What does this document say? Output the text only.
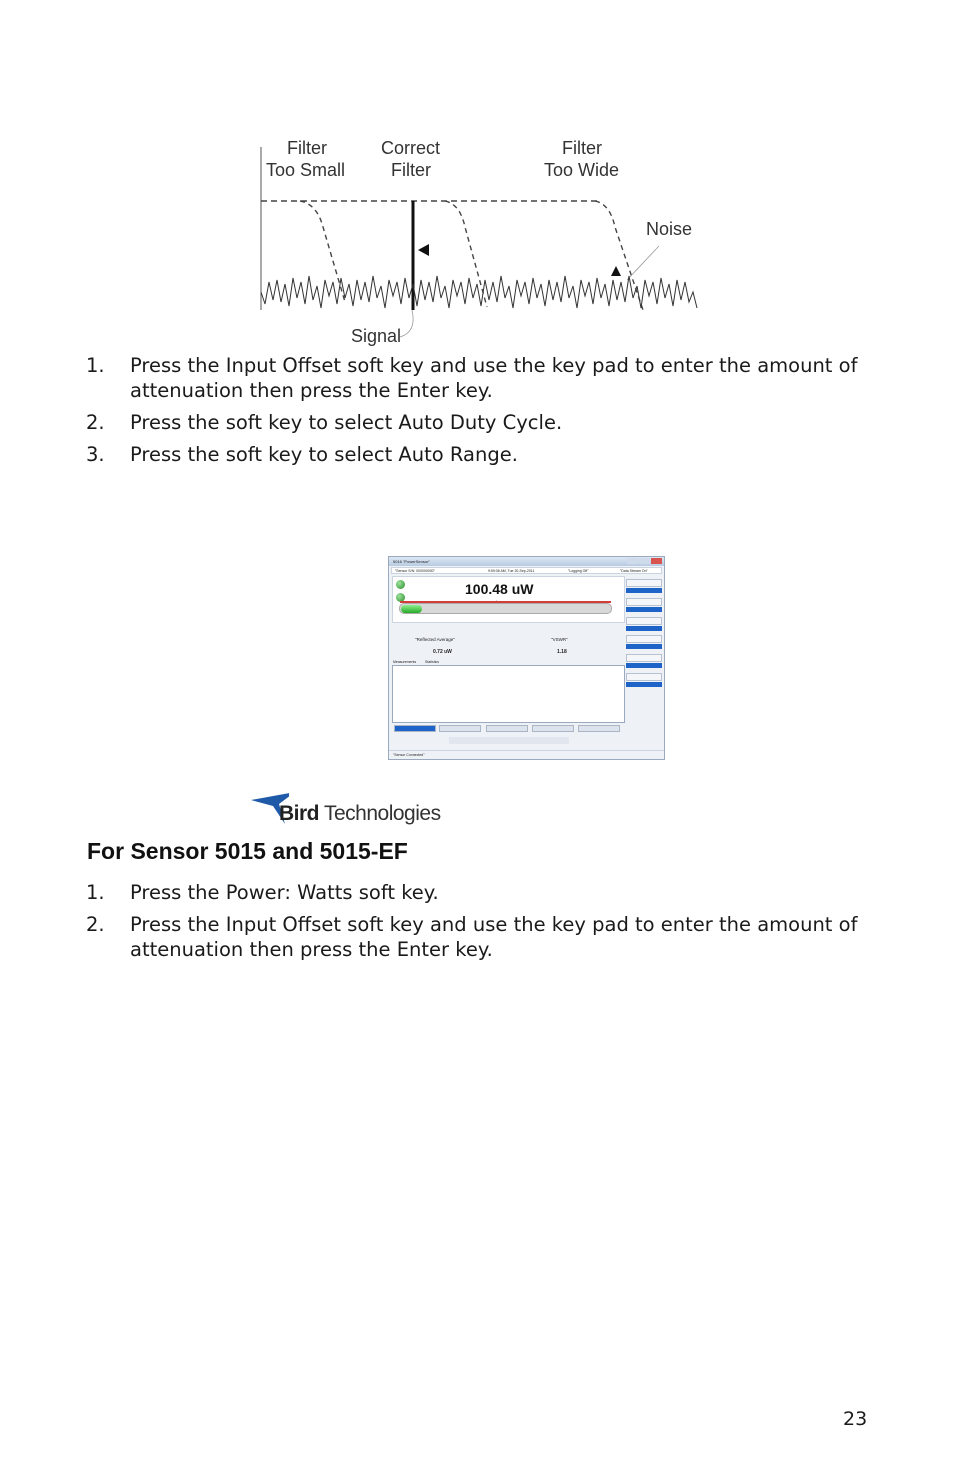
Filter
Too Small
Correct
Filter
Filter
Too Wide
Noise
Signal
1. Press the Input Offset soft key and use the key pad to enter the amount of attenuation then press the Enter key.
2. Press the soft key to select Auto Duty Cycle.
3. Press the soft key to select Auto Range.
5016 "PowerSensor"
"Sensor S/N: 000000000"	9:59:06 AM, Tue 20-Sep-2011	"Logging Off"	"Data Stream On"
100.48 uW
"Reflected Average"
0.72 uW
"VSWR"
1.18
Measurements	Statistics
"Sensor Connected"
Bird Technologies
For Sensor 5015 and 5015-EF
1. Press the Power: Watts soft key.
2. Press the Input Offset soft key and use the key pad to enter the amount of attenuation then press the Enter key.
23
